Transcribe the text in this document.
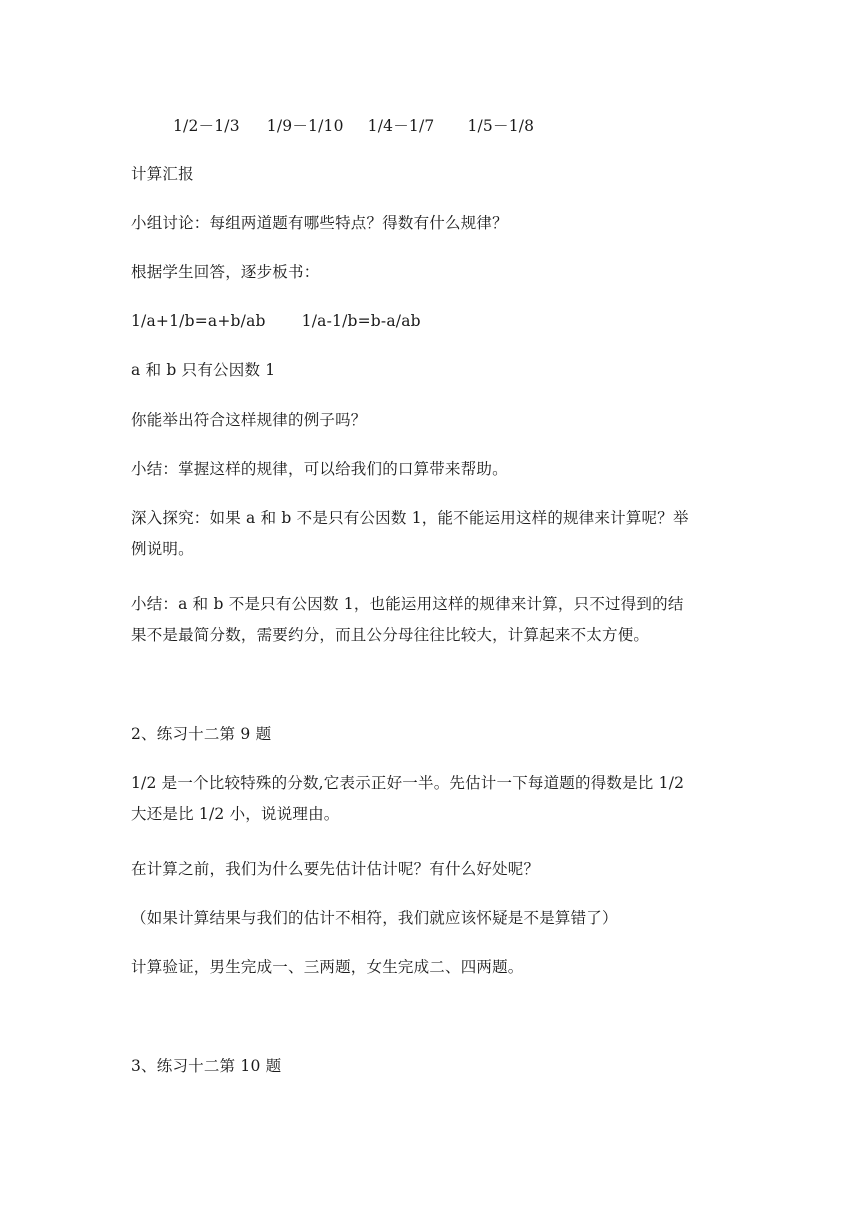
1/2－1/3 1/9－1/10 1/4－1/7 1/5－1/8
计算汇报
小组讨论：每组两道题有哪些特点？得数有什么规律？
根据学生回答，逐步板书：
1/a+1/b=a+b/ab 1/a-1/b=b-a/ab
a 和 b 只有公因数 1
你能举出符合这样规律的例子吗？
小结：掌握这样的规律，可以给我们的口算带来帮助。
深入探究：如果 a 和 b 不是只有公因数 1，能不能运用这样的规律来计算呢？举
例说明。
小结：a 和 b 不是只有公因数 1，也能运用这样的规律来计算，只不过得到的结
果不是最简分数，需要约分，而且公分母往往比较大，计算起来不太方便。
2、练习十二第 9 题
1/2 是一个比较特殊的分数,它表示正好一半。先估计一下每道题的得数是比 1/2
大还是比 1/2 小，说说理由。
在计算之前，我们为什么要先估计估计呢？有什么好处呢？
（如果计算结果与我们的估计不相符，我们就应该怀疑是不是算错了）
计算验证，男生完成一、三两题，女生完成二、四两题。
3、练习十二第 10 题
